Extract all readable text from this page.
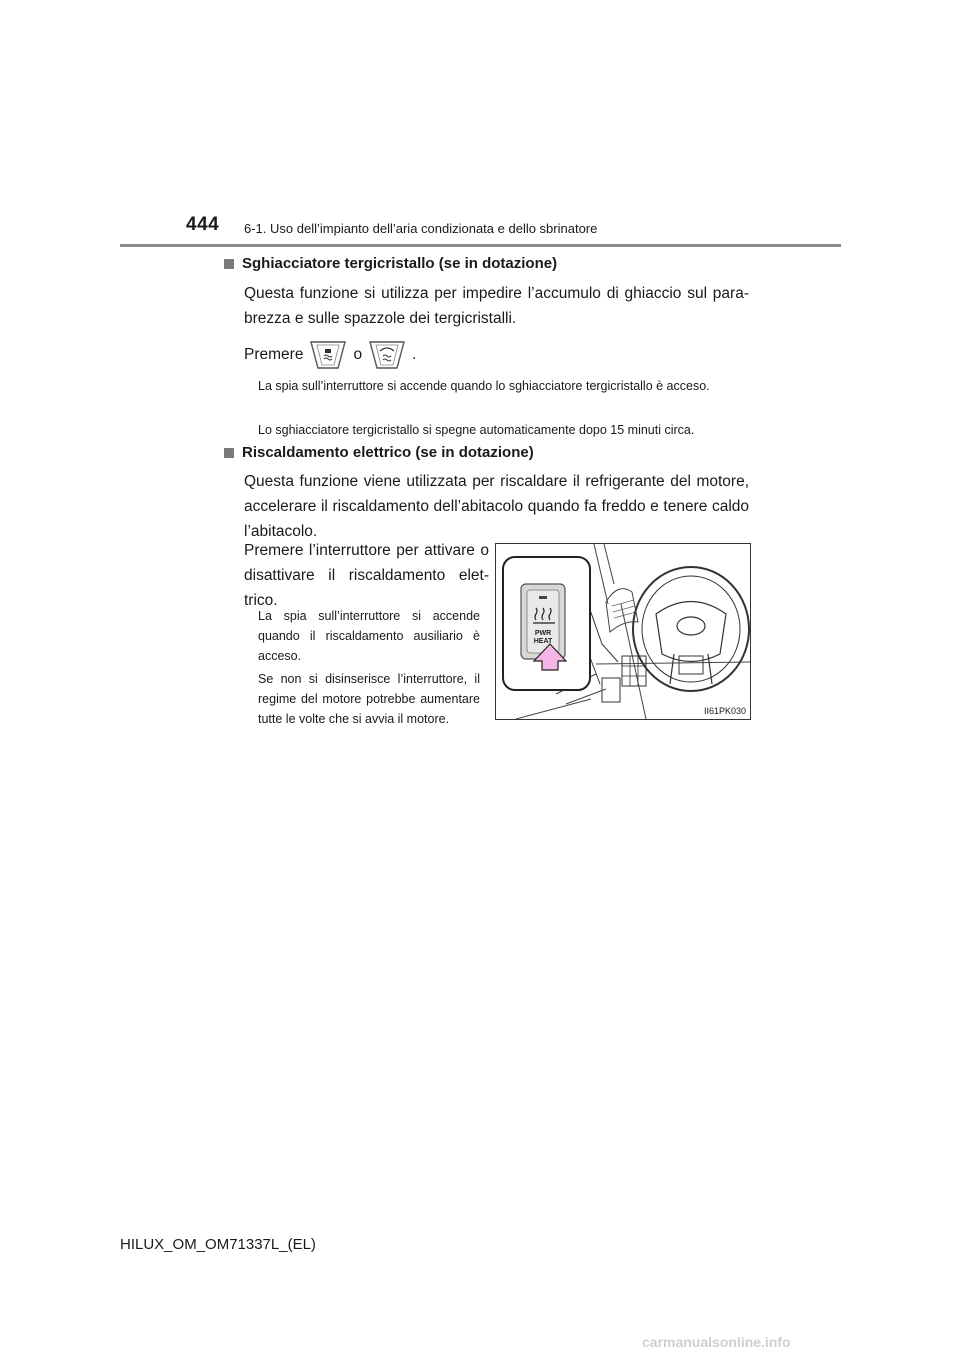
444 6-1. Uso dell’impianto dell’aria condizionata e dello sbrinatore
Sghiacciatore tergicristallo (se in dotazione)
Questa funzione si utilizza per impedire l’accumulo di ghiaccio sul para-brezza e sulle spazzole dei tergicristalli.
Premere	o	.
La spia sull’interruttore si accende quando lo sghiacciatore tergicristallo è acceso.
Lo sghiacciatore tergicristallo si spegne automaticamente dopo 15 minuti circa.
Riscaldamento elettrico (se in dotazione)
Questa funzione viene utilizzata per riscaldare il refrigerante del motore, accelerare il riscaldamento dell’abitacolo quando fa freddo e tenere caldo l’abitacolo.
Premere l’interruttore per attivare o disattivare il riscaldamento elet-trico.
La spia sull’interruttore si accende quando il riscaldamento ausiliario è acceso.
Se non si disinserisce l’interruttore, il regime del motore potrebbe aumentare tutte le volte che si avvia il motore.
PWR
HEAT
II61PK030
HILUX_OM_OM71337L_(EL)
carmanualsonline.info
